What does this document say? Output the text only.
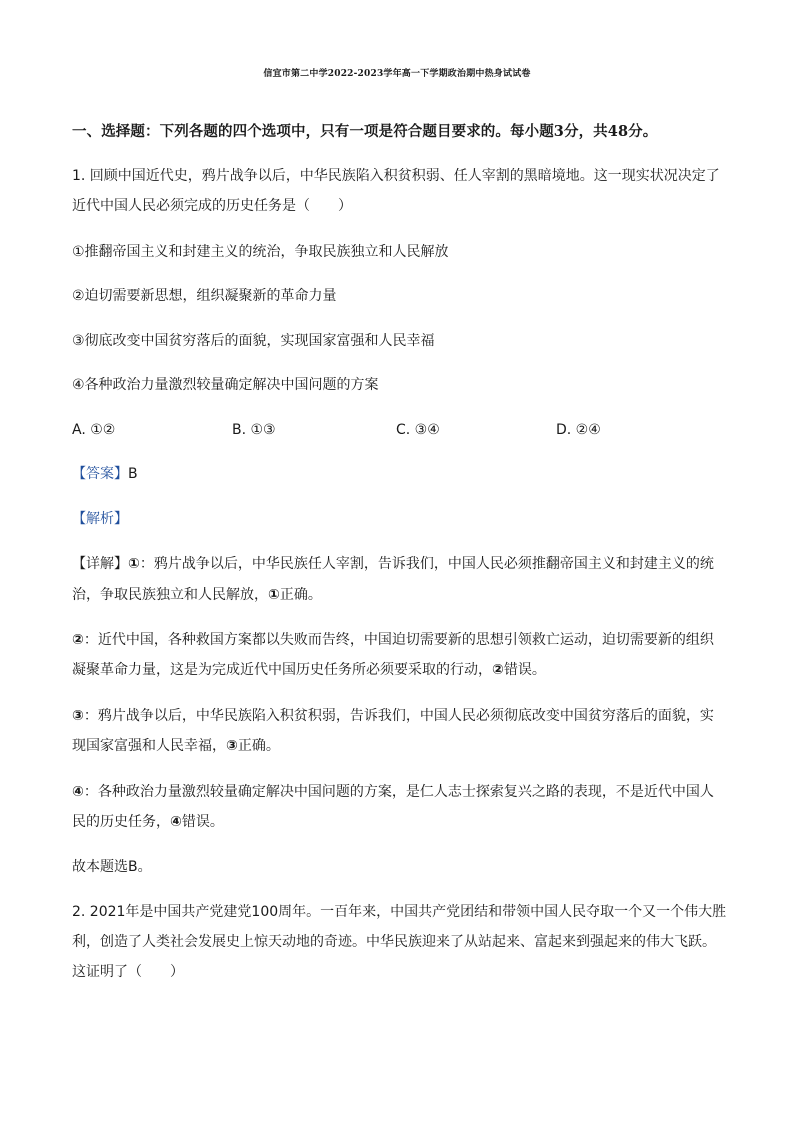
信宜市第二中学2022-2023学年高一下学期政治期中热身试试卷
一、选择题：下列各题的四个选项中，只有一项是符合题目要求的。每小题3分，共48分。
1. 回顾中国近代史，鸦片战争以后，中华民族陷入积贫积弱、任人宰割的黑暗境地。这一现实状况决定了
近代中国人民必须完成的历史任务是（　　）
①推翻帝国主义和封建主义的统治，争取民族独立和人民解放
②迫切需要新思想，组织凝聚新的革命力量
③彻底改变中国贫穷落后的面貌，实现国家富强和人民幸福
④各种政治力量激烈较量确定解决中国问题的方案
A. ①②	B. ①③	C. ③④	D. ②④
【答案】B
【解析】
【详解】①：鸦片战争以后，中华民族任人宰割，告诉我们，中国人民必须推翻帝国主义和封建主义的统
治，争取民族独立和人民解放，①正确。
②：近代中国，各种救国方案都以失败而告终，中国迫切需要新的思想引领救亡运动，迫切需要新的组织
凝聚革命力量，这是为完成近代中国历史任务所必须要采取的行动，②错误。
③：鸦片战争以后，中华民族陷入积贫积弱，告诉我们，中国人民必须彻底改变中国贫穷落后的面貌，实
现国家富强和人民幸福，③正确。
④：各种政治力量激烈较量确定解决中国问题的方案，是仁人志士探索复兴之路的表现，不是近代中国人
民的历史任务，④错误。
故本题选B。
2. 2021年是中国共产党建党100周年。一百年来，中国共产党团结和带领中国人民夺取一个又一个伟大胜
利，创造了人类社会发展史上惊天动地的奇迹。中华民族迎来了从站起来、富起来到强起来的伟大飞跃。
这证明了（　　）
